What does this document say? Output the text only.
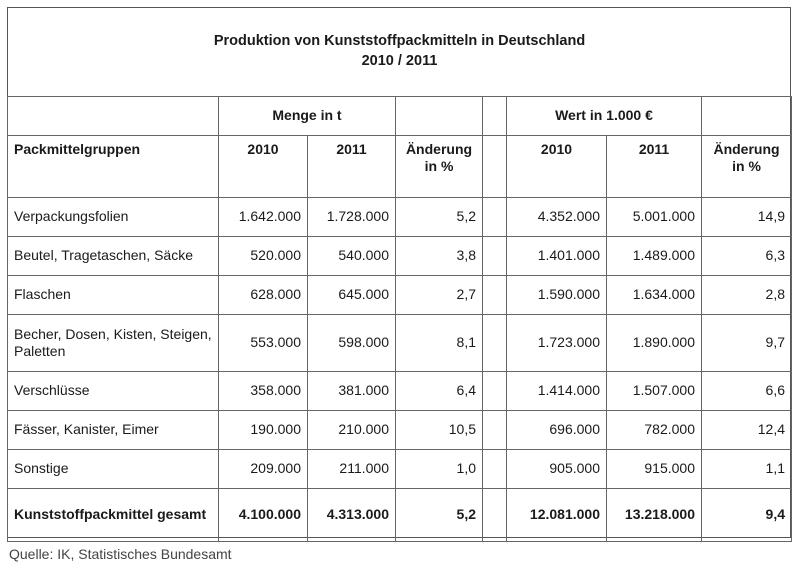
Produktion von Kunststoffpackmitteln in Deutschland
2010 / 2011							

	Menge in t				Wert in 1.000 €		
Packmittelgruppen	2010	2011	Änderung in %		2010	2011	Änderung in %
Verpackungsfolien	1.642.000	1.728.000	5,2		4.352.000	5.001.000	14,9
Beutel, Tragetaschen, Säcke	520.000	540.000	3,8		1.401.000	1.489.000	6,3
Flaschen	628.000	645.000	2,7		1.590.000	1.634.000	2,8
Becher, Dosen, Kisten, Steigen, Paletten	553.000	598.000	8,1		1.723.000	1.890.000	9,7
Verschlüsse	358.000	381.000	6,4		1.414.000	1.507.000	6,6
Fässer, Kanister, Eimer	190.000	210.000	10,5		696.000	782.000	12,4
Sonstige	209.000	211.000	1,0		905.000	915.000	1,1
Kunststoffpackmittel gesamt	4.100.000	4.313.000	5,2		12.081.000	13.218.000	9,4
Quelle: IK, Statistisches Bundesamt
